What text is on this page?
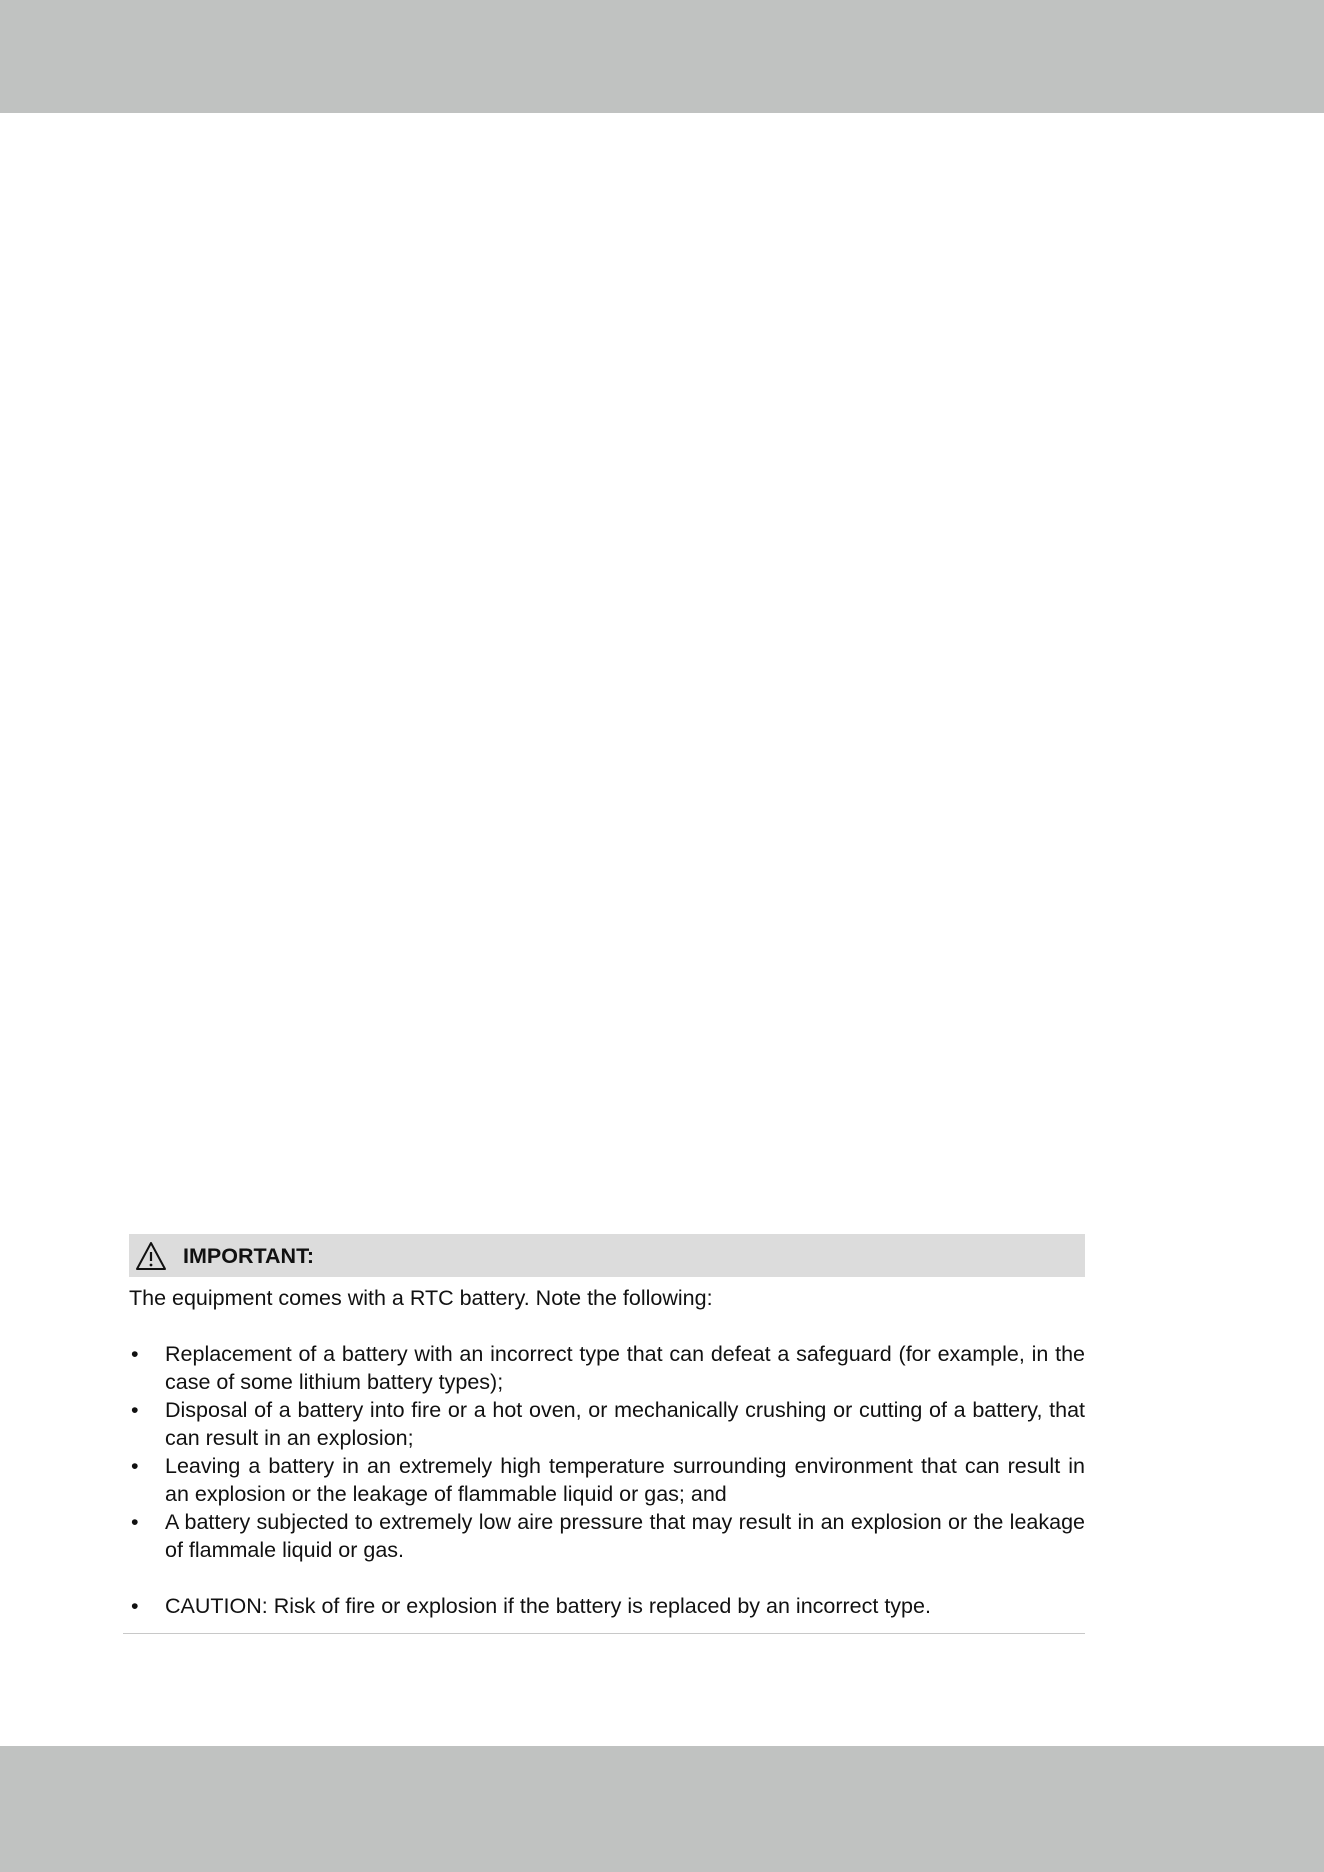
IMPORTANT:
The equipment comes with a RTC battery. Note the following:
•	Replacement of a battery with an incorrect type that can defeat a safeguard (for example, in the case of some lithium battery types);
•	Disposal of a battery into fire or a hot oven, or mechanically crushing or cutting of a battery, that can result in an explosion;
•	Leaving a battery in an extremely high temperature surrounding environment that can result in an explosion or the leakage of flammable liquid or gas; and
•	A battery subjected to extremely low aire pressure that may result in an explosion or the leakage of flammale liquid or gas.
•	CAUTION: Risk of fire or explosion if the battery is replaced by an incorrect type.
